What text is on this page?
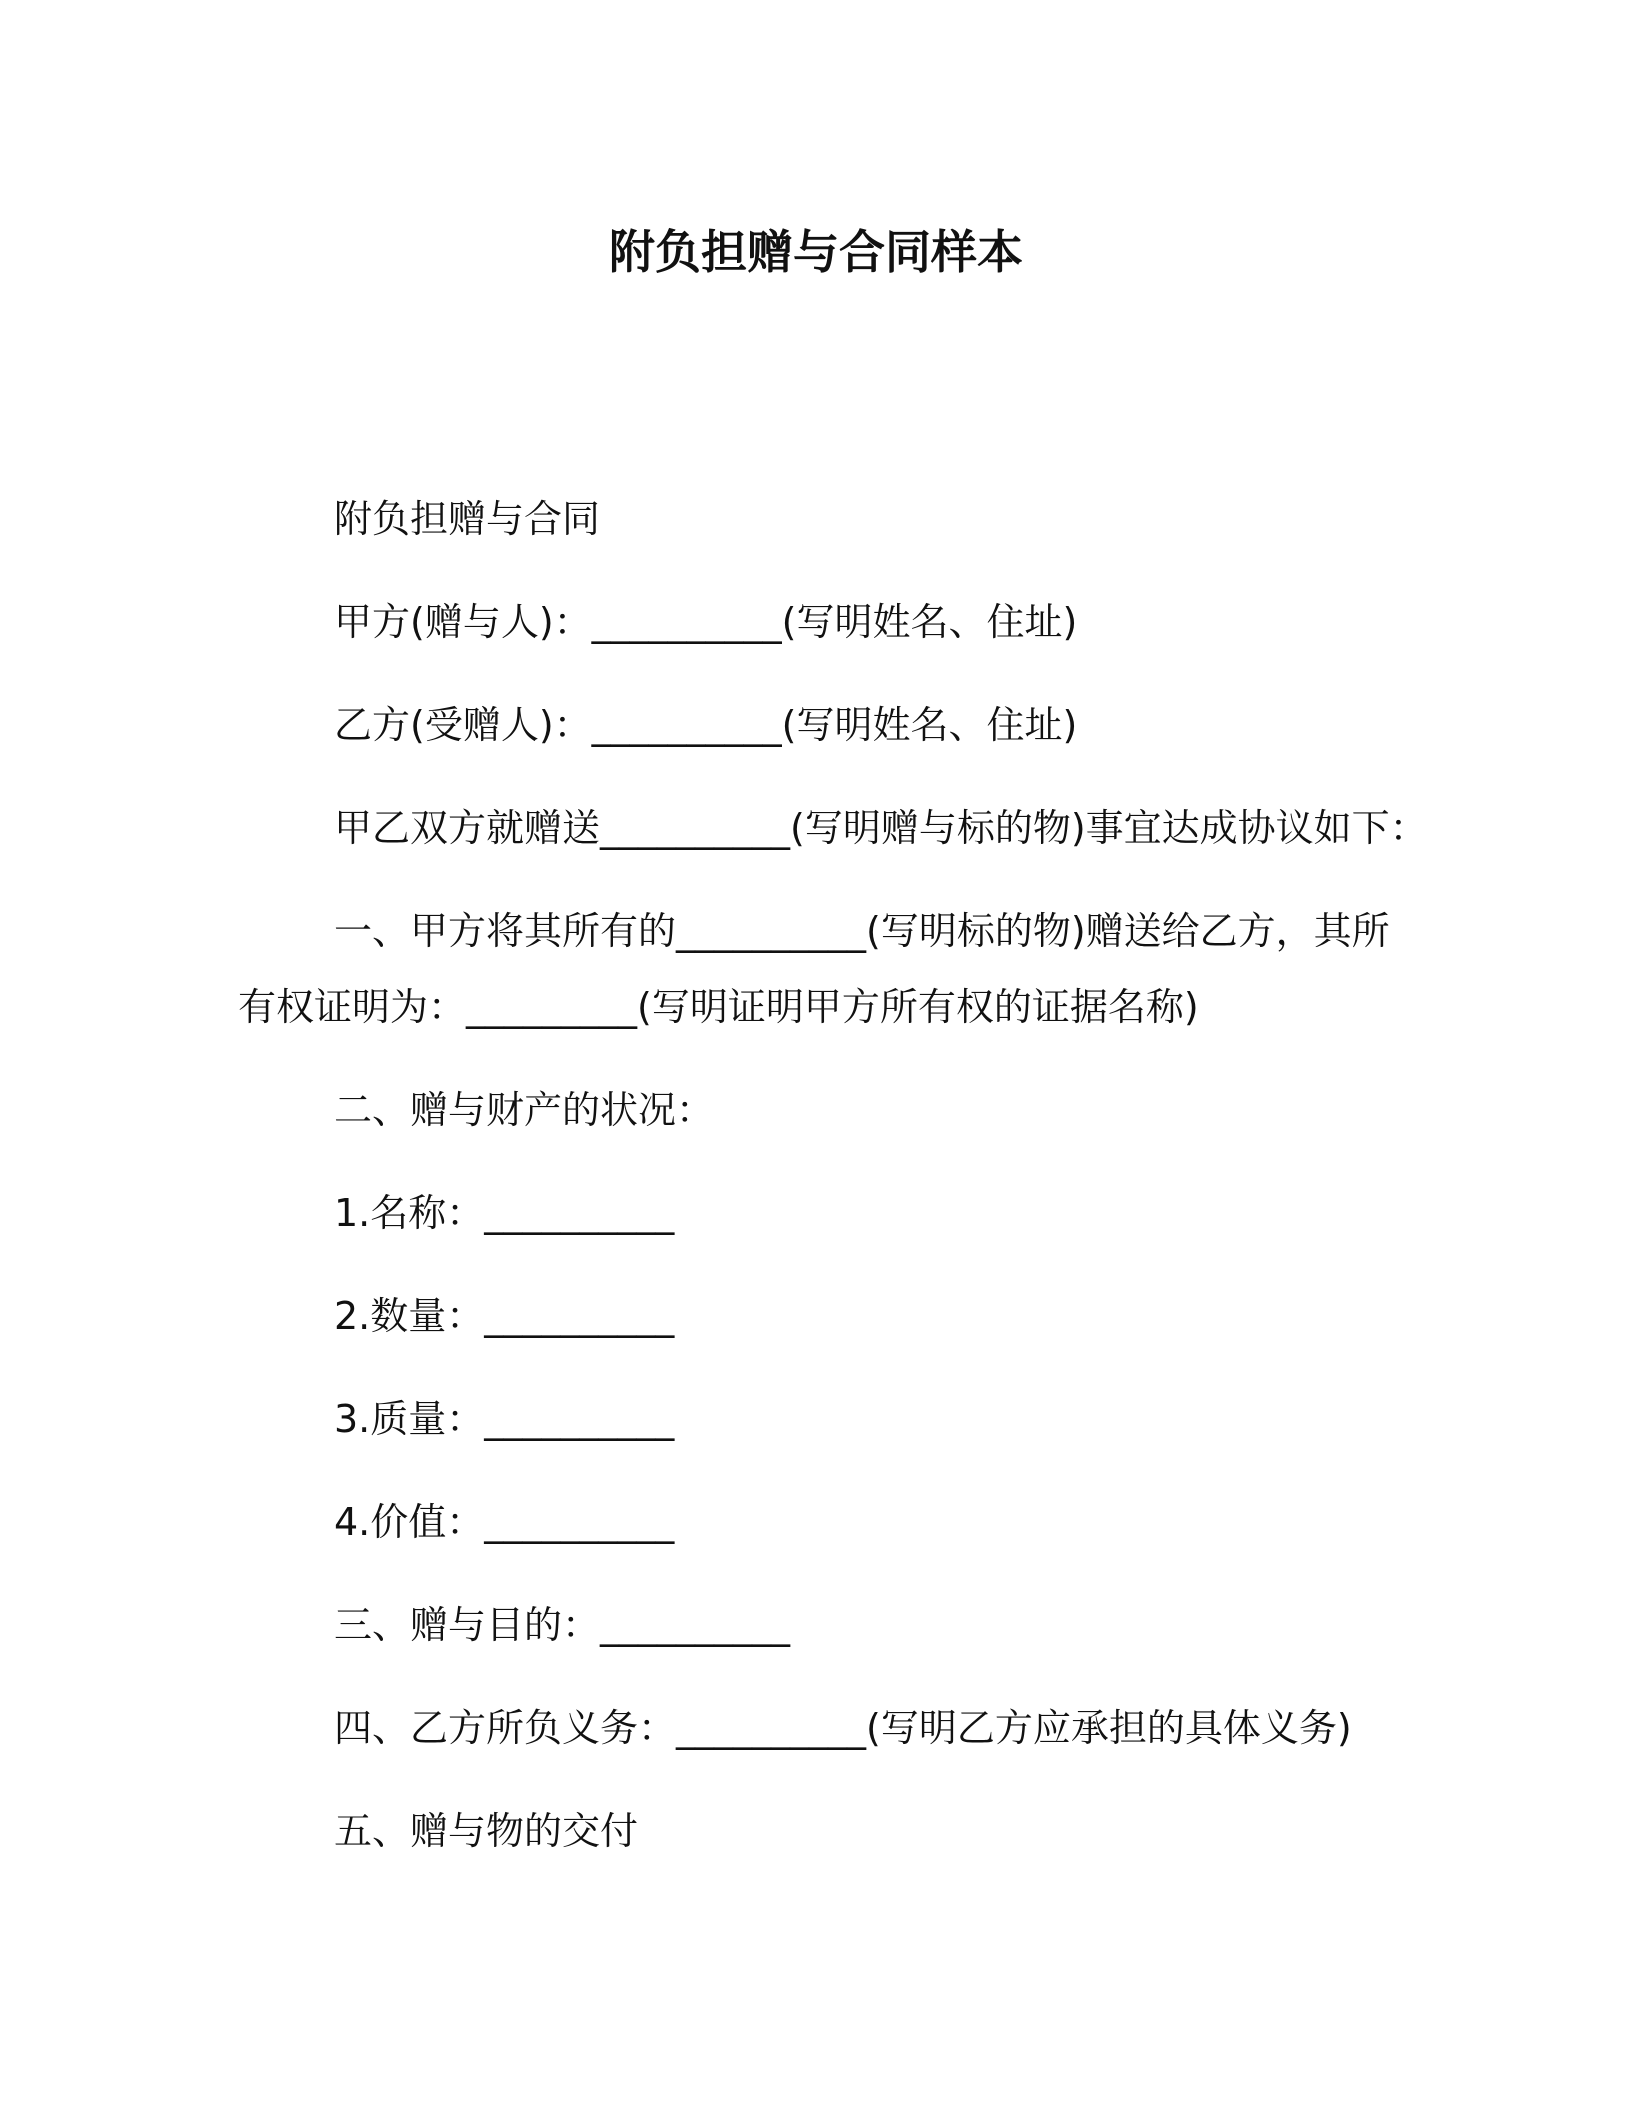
附负担赠与合同样本
附负担赠与合同
甲方(赠与人)：__________(写明姓名、住址)
乙方(受赠人)：__________(写明姓名、住址)
甲乙双方就赠送__________(写明赠与标的物)事宜达成协议如下：
一、甲方将其所有的__________(写明标的物)赠送给乙方，其所
有权证明为：_________(写明证明甲方所有权的证据名称)
二、赠与财产的状况：
1.名称：__________
2.数量：__________
3.质量：__________
4.价值：__________
三、赠与目的：__________
四、乙方所负义务：__________(写明乙方应承担的具体义务)
五、赠与物的交付
